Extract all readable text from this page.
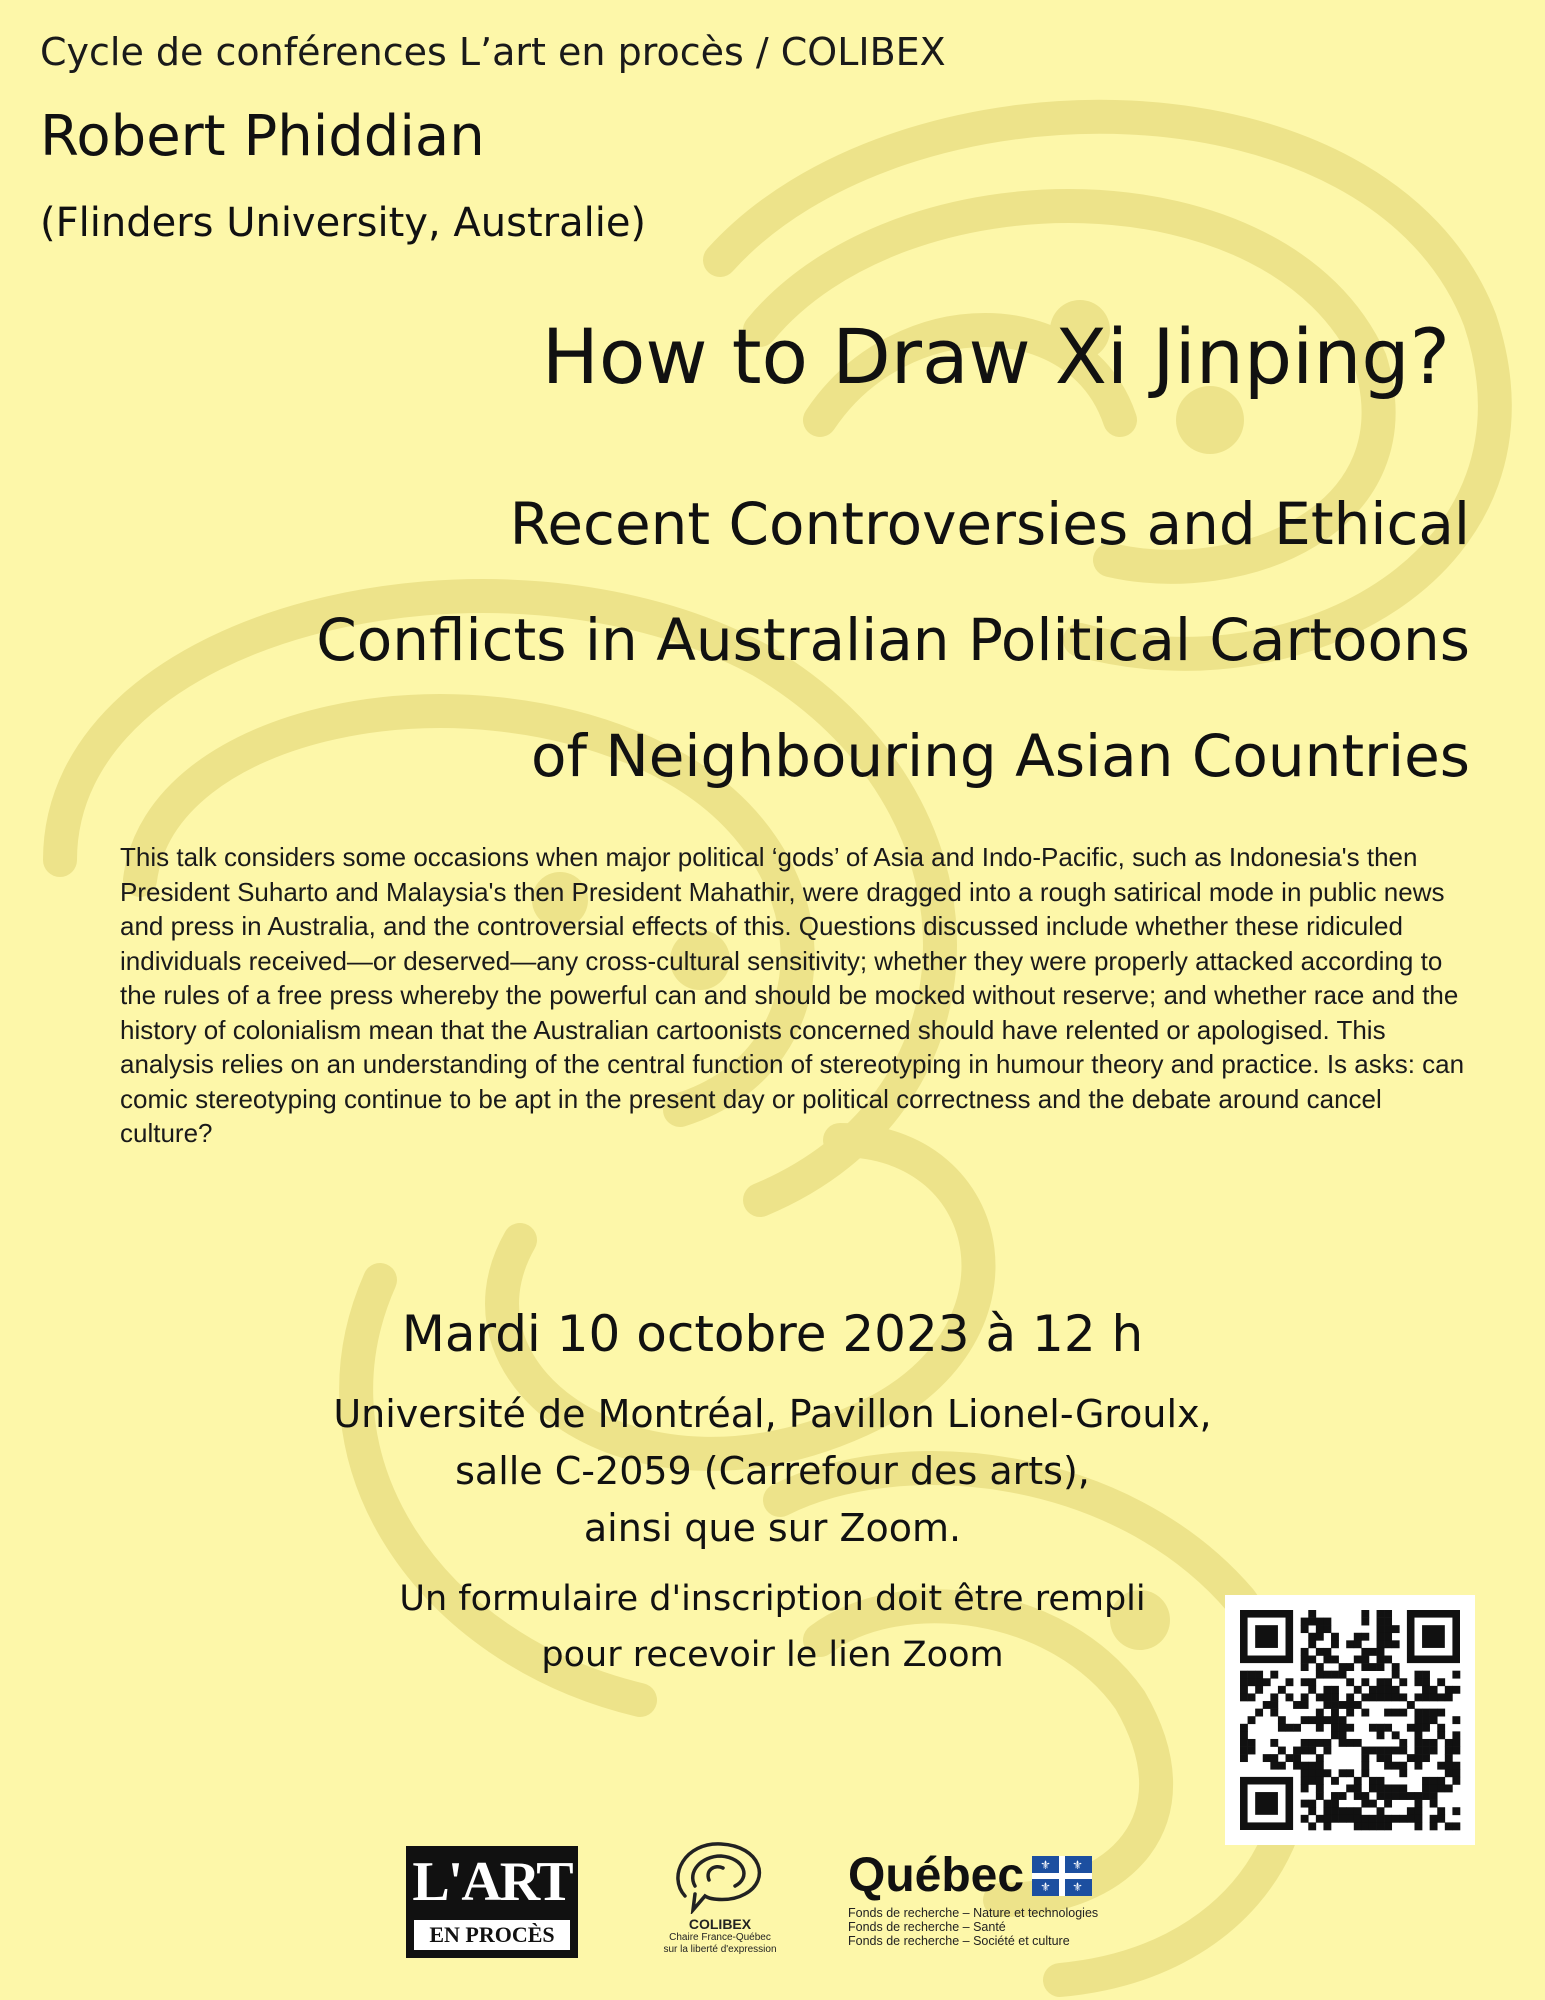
Cycle de conférences L’art en procès / COLIBEX
Robert Phiddian
(Flinders University, Australie)
How to Draw Xi Jinping?
Recent Controversies and Ethical
Conflicts in Australian Political Cartoons
of Neighbouring Asian Countries
This talk considers some occasions when major political ‘gods’ of Asia and Indo-Pacific, such as Indonesia's then President Suharto and Malaysia's then President Mahathir, were dragged into a rough satirical mode in public news and press in Australia, and the controversial effects of this. Questions discussed include whether these ridiculed individuals received—or deserved—any cross-cultural sensitivity; whether they were properly attacked according to the rules of a free press whereby the powerful can and should be mocked without reserve; and whether race and the history of colonialism mean that the Australian cartoonists concerned should have relented or apologised. This analysis relies on an understanding of the central function of stereotyping in humour theory and practice. Is asks: can comic stereotyping continue to be apt in the present day or political correctness and the debate around cancel culture?
Mardi 10 octobre 2023 à 12 h
Université de Montréal, Pavillon Lionel-Groulx,
salle C-2059 (Carrefour des arts),
ainsi que sur Zoom.
Un formulaire d'inscription doit être rempli
pour recevoir le lien Zoom
L'ART
EN PROCÈS	COLIBEX
Chaire France-Québec
sur la liberté d'expression
Québec ⚜ ⚜
⚜ ⚜
Fonds de recherche – Nature et technologies
Fonds de recherche – Santé
Fonds de recherche – Société et culture
